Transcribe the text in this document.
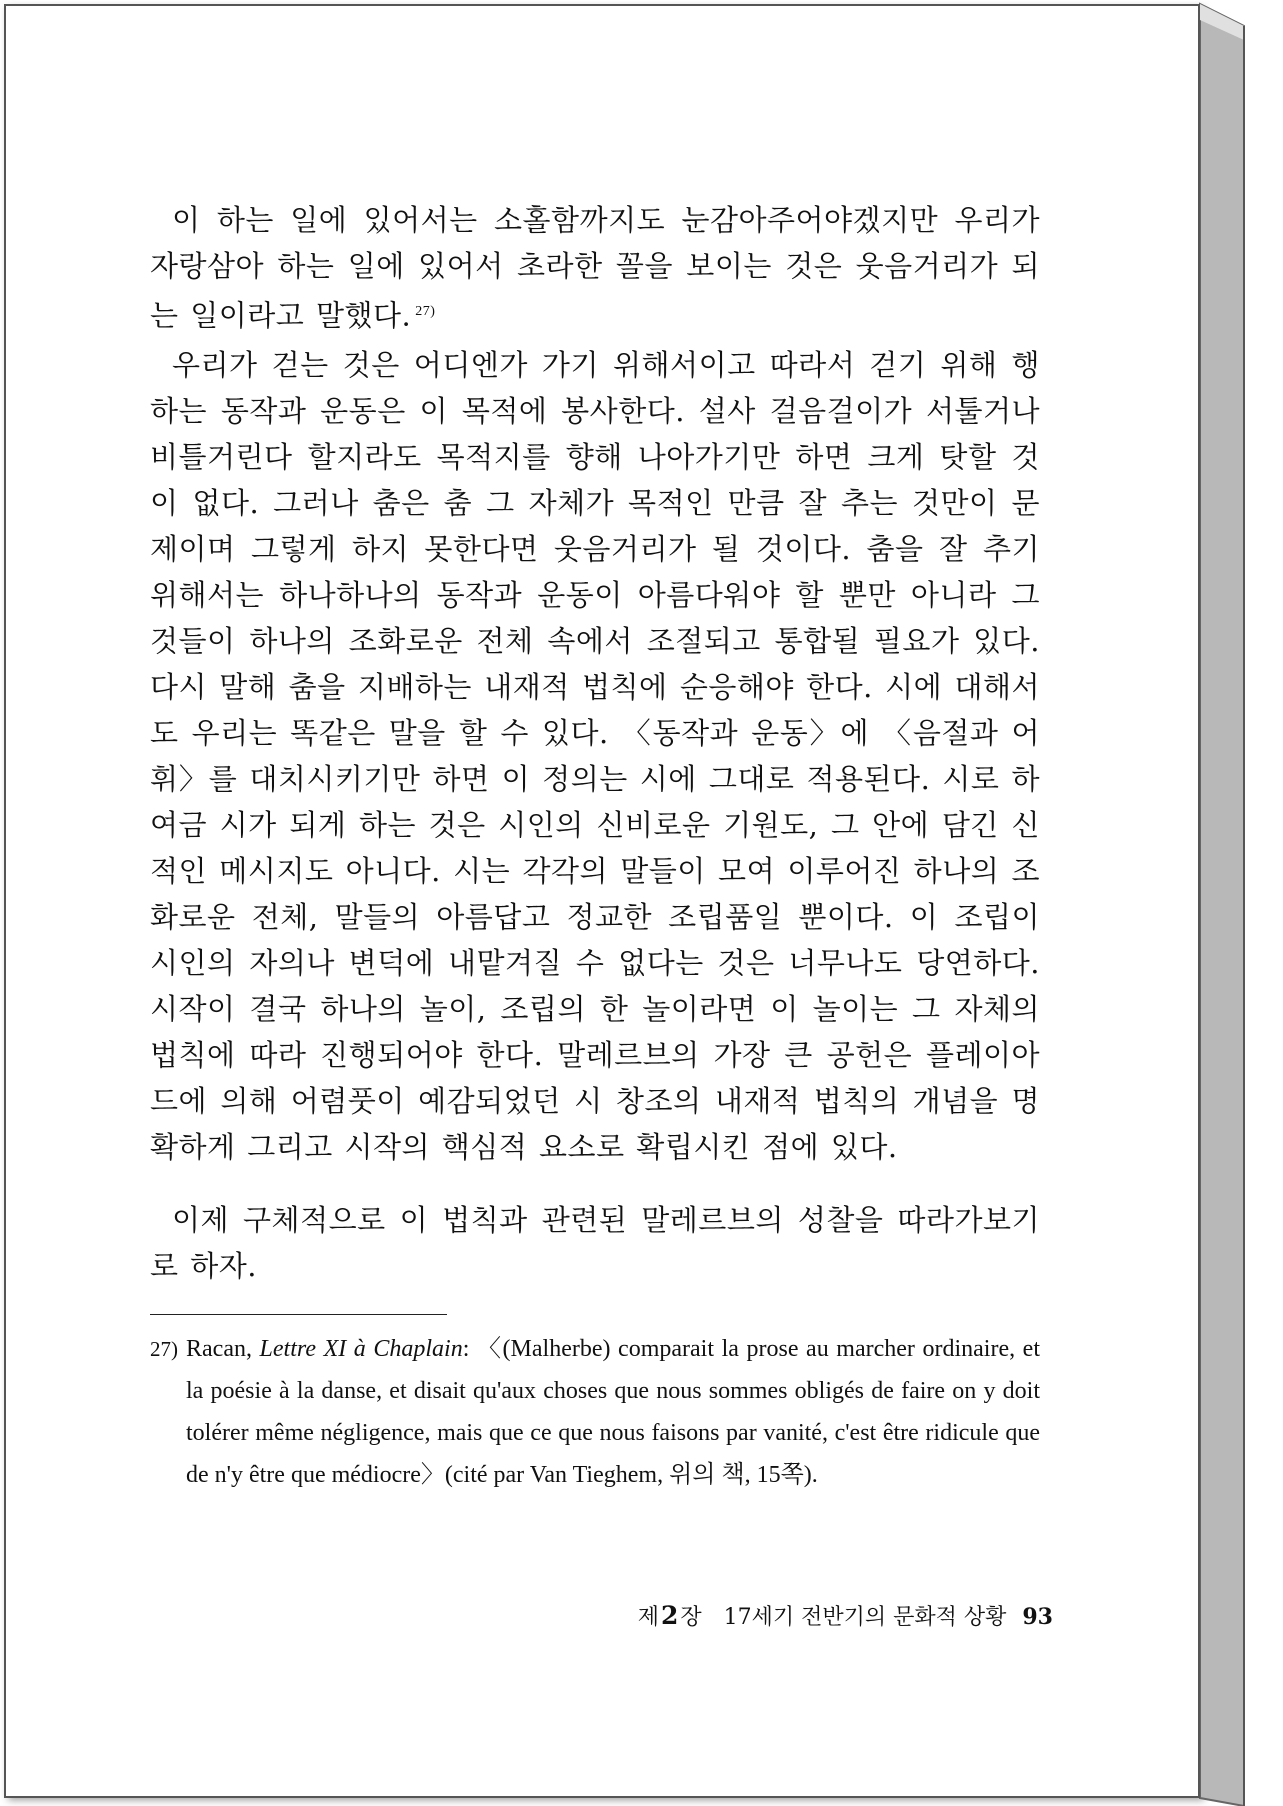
이 하는 일에 있어서는 소홀함까지도 눈감아주어야겠지만 우리가 자랑삼아 하는 일에 있어서 초라한 꼴을 보이는 것은 웃음거리가 되는 일이라고 말했다. $^{27)}$

우리가 걷는 것은 어디엔가 가기 위해서이고 따라서 걷기 위해 행하는 동작과 운동은 이 목적에 봉사한다. 설사 걸음걸이가 서툴거나 비틀거린다 할지라도 목적지를 향해 나아가기만 하면 크게 탓할 것이 없다. 그러나 춤은 춤 그 자체가 목적인 만큼 잘 추는 것만이 문제이며 그렇게 하지 못한다면 웃음거리가 될 것이다. 춤을 잘 추기 위해서는 하나하나의 동작과 운동이 아름다워야 할 뿐만 아니라 그것들이 하나의 조화로운 전체 속에서 조절되고 통합될 필요가 있다. 다시 말해 춤을 지배하는 내재적 법칙에 순응해야 한다. 시에 대해서도 우리는 똑같은 말을 할 수 있다. 〈동작과 운동〉에 〈음절과 어휘〉를 대치시키기만 하면 이 정의는 시에 그대로 적용된다. 시로 하여금 시가 되게 하는 것은 시인의 신비로운 기원도, 그 안에 담긴 신적인 메시지도 아니다. 시는 각각의 말들이 모여 이루어진 하나의 조화로운 전체, 말들의 아름답고 정교한 조립품일 뿐이다. 이 조립이 시인의 자의나 변덕에 내맡겨질 수 없다는 것은 너무나도 당연하다. 시작이 결국 하나의 놀이, 조립의 한 놀이라면 이 놀이는 그 자체의 법칙에 따라 진행되어야 한다. 말레르브의 가장 큰 공헌은 플레이아드에 의해 어렴풋이 예감되었던 시 창조의 내재적 법칙의 개념을 명확하게 그리고 시작의 핵심적 요소로 확립시킨 점에 있다.

이제 구체적으로 이 법칙과 관련된 말레르브의 성찰을 따라가보기로 하자.

27) Racan, Lettre XI à Chaplain: 〈(Malherbe) comparait la prose au marcher ordinaire, et la poésie à la danse, et disait qu'aux choses que nous sommes obligés de faire on y doit tolérer même négligence, mais que ce que nous faisons par vanité, c'est être ridicule que de n'y être que médiocre〉(cité par Van Tieghem, 위의 책, 15쪽).
제2장 17세기 전반기의 문화적 상황 93
